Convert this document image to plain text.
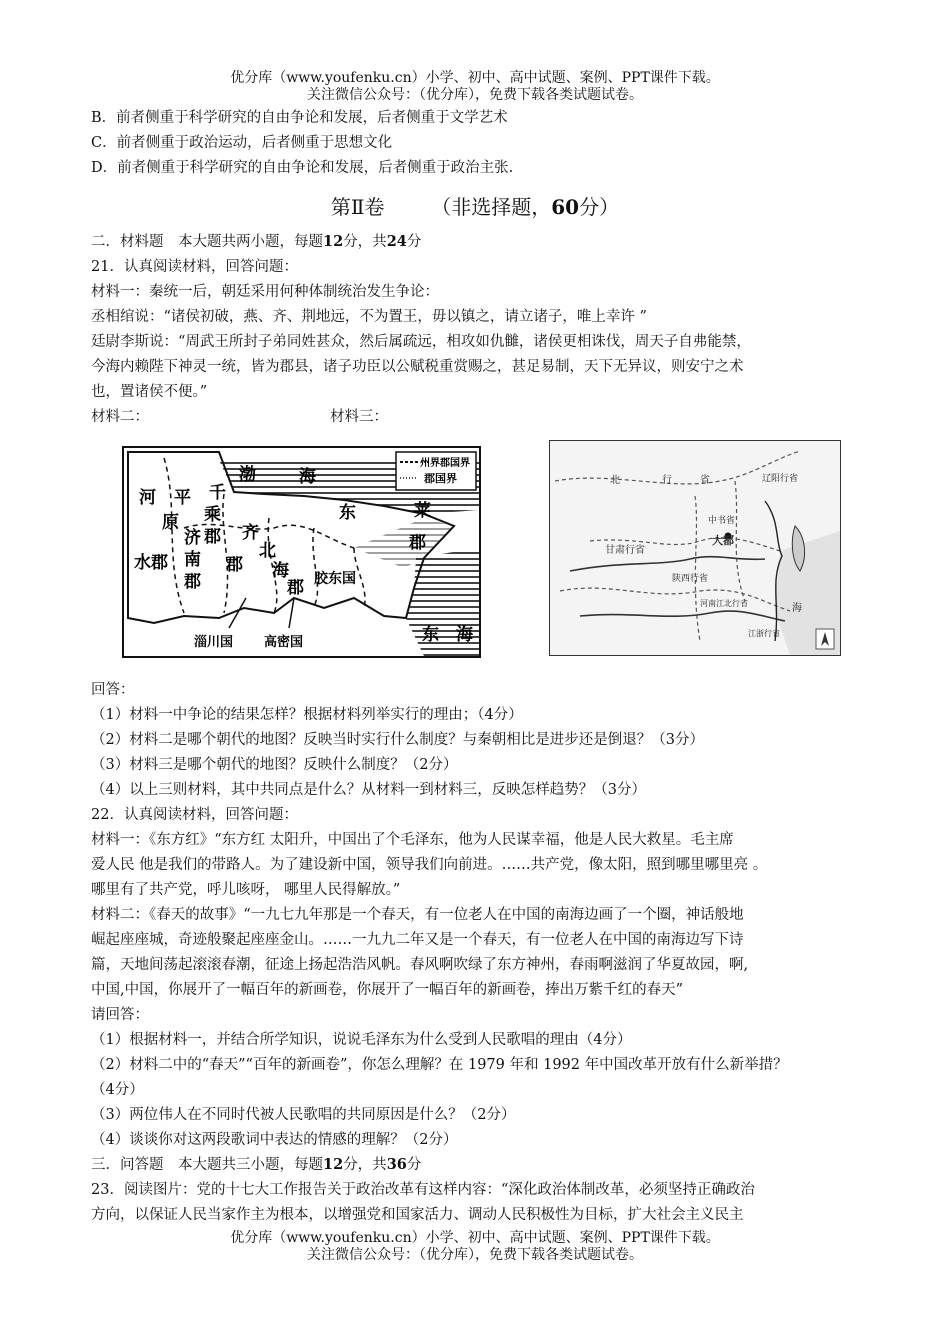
优分库（www.youfenku.cn）小学、初中、高中试题、案例、PPT课件下载。
关注微信公众号：（优分库），免费下载各类试题试卷。
B．前者侧重于科学研究的自由争论和发展，后者侧重于文学艺术
C．前者侧重于政治运动，后者侧重于思想文化
D．前者侧重于科学研究的自由争论和发展，后者侧重于政治主张.
第Ⅱ卷 （非选择题，60分）
二．材料题　本大题共两小题，每题12分，共24分
21．认真阅读材料，回答问题：
材料一：秦统一后，朝廷采用何种体制统治发生争论：
丞相绾说：“诸侯初破，燕、齐、荆地远，不为置王，毋以镇之，请立诸子，唯上幸许 ”
廷尉李斯说：“周武王所封子弟同姓甚众，然后属疏远，相攻如仇雠，诸侯更相诛伐，周天子自弗能禁，
今海内赖陛下神灵一统，皆为郡县，诸子功臣以公赋税重赏赐之，甚足易制，天下无异议，则安宁之术
也，置诸侯不便。”
材料二：	材料三：
州界郡国界
郡国界
渤	海
东 海
河
原
平 千
乘
郡
济
南
郡
齐
郡
北
海
郡
水郡
东	莱
郡
胶东国
淄川国 高密国
北	行	省	辽阳行省
甘肃行省
中书省
大都
陕西行省
河南江北行省
江浙行省
海
回答：
（1）材料一中争论的结果怎样？根据材料列举实行的理由；（4分）
（2）材料二是哪个朝代的地图？反映当时实行什么制度？与秦朝相比是进步还是倒退？（3分）
（3）材料三是哪个朝代的地图？反映什么制度？（2分）
（4）以上三则材料，其中共同点是什么？从材料一到材料三，反映怎样趋势？（3分）
22．认真阅读材料，回答问题：
材料一：《东方红》“东方红 太阳升，中国出了个毛泽东，他为人民谋幸福，他是人民大救星。毛主席
爱人民 他是我们的带路人。为了建设新中国，领导我们向前进。……共产党，像太阳，照到哪里哪里亮 。
哪里有了共产党，呼儿咳呀， 哪里人民得解放。”
材料二：《春天的故事》“一九七九年那是一个春天，有一位老人在中国的南海边画了一个圈，神话般地
崛起座座城，奇迹般聚起座座金山。……一九九二年又是一个春天，有一位老人在中国的南海边写下诗
篇，天地间荡起滚滚春潮，征途上扬起浩浩风帆。春风啊吹绿了东方神州，春雨啊滋润了华夏故园，啊,
中国,中国，你展开了一幅百年的新画卷，你展开了一幅百年的新画卷，捧出万紫千红的春天”
请回答：
（1）根据材料一，并结合所学知识，说说毛泽东为什么受到人民歌唱的理由（4分）
（2）材料二中的“春天”“百年的新画卷”，你怎么理解？在 1979 年和 1992 年中国改革开放有什么新举措？
（4分）
（3）两位伟人在不同时代被人民歌唱的共同原因是什么？（2分）
（4）谈谈你对这两段歌词中表达的情感的理解？（2分）
三．问答题　本大题共三小题，每题12分，共36分
23．阅读图片：党的十七大工作报告关于政治改革有这样内容：“深化政治体制改革，必须坚持正确政治
方向，以保证人民当家作主为根本，以增强党和国家活力、调动人民积极性为目标，扩大社会主义民主
优分库（www.youfenku.cn）小学、初中、高中试题、案例、PPT课件下载。
关注微信公众号：（优分库），免费下载各类试题试卷。
